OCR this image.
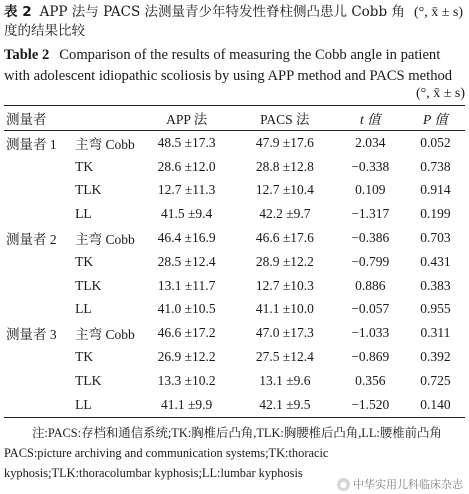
(°, x̄ ± s)
表 2 APP 法与 PACS 法测量青少年特发性脊柱侧凸患儿 Cobb 角度的结果比较
Table 2 Comparison of the results of measuring the Cobb angle in patient with adolescent idiopathic scoliosis by using APP method and PACS method
(°, x̄ ± s)
测量者		APP 法	PACS 法	t 值	P 值
测量者 1	主弯 Cobb	48.5 ±17.3	47.9 ±17.6	2.034	0.052
	TK	28.6 ±12.0	28.8 ±12.8	−0.338	0.738
	TLK	12.7 ±11.3	12.7 ±10.4	0.109	0.914
	LL	41.5 ±9.4	42.2 ±9.7	−1.317	0.199
测量者 2	主弯 Cobb	46.4 ±16.9	46.6 ±17.6	−0.386	0.703
	TK	28.5 ±12.4	28.9 ±12.2	−0.799	0.431
	TLK	13.1 ±11.7	12.7 ±10.3	0.886	0.383
	LL	41.0 ±10.5	41.1 ±10.0	−0.057	0.955
测量者 3	主弯 Cobb	46.6 ±17.2	47.0 ±17.3	−1.033	0.311
	TK	26.9 ±12.2	27.5 ±12.4	−0.869	0.392
	TLK	13.3 ±10.2	13.1 ±9.6	0.356	0.725
	LL	41.1 ±9.9	42.1 ±9.5	−1.520	0.140
注:PACS:存档和通信系统;TK:胸椎后凸角,TLK:胸腰椎后凸角,LL:腰椎前凸角 PACS:picture archiving and communication systems;TK:thoracic kyphosis;TLK:thoracolumbar kyphosis;LL:lumbar kyphosis
● 中华实用儿科临床杂志
